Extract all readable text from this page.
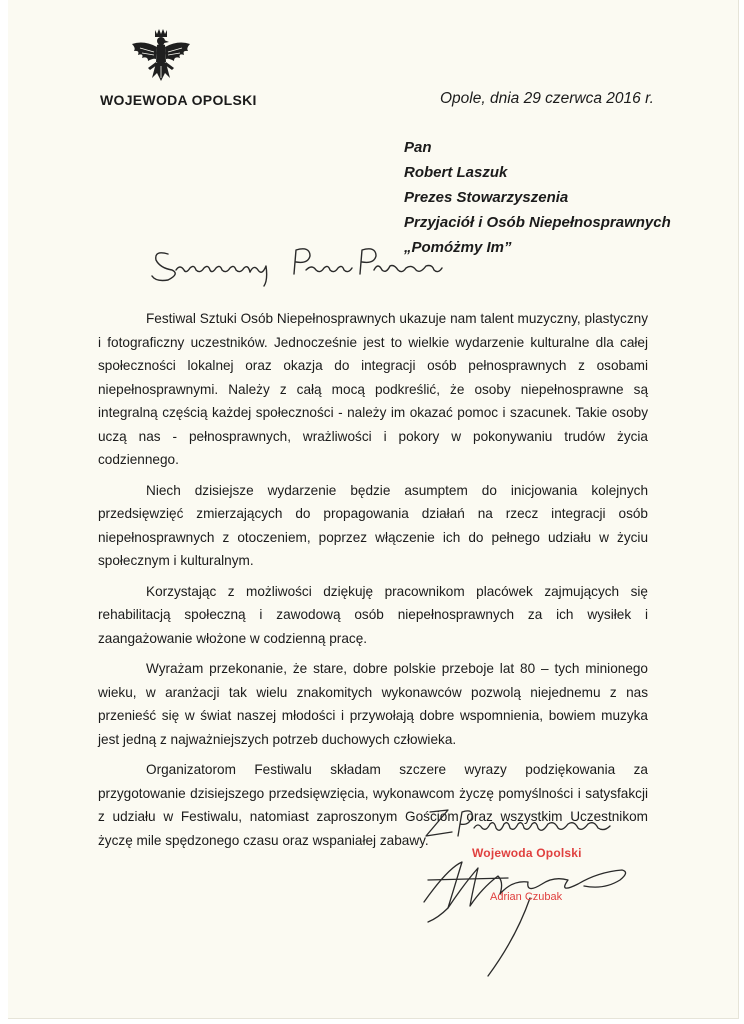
WOJEWODA OPOLSKI	Opole, dnia 29 czerwca 2016 r.
Pan
Robert Laszuk
Prezes Stowarzyszenia
Przyjaciół i Osób Niepełnosprawnych
„Pomóżmy Im”

Festiwal Sztuki Osób Niepełnosprawnych ukazuje nam talent muzyczny, plastyczny i fotograficzny uczestników. Jednocześnie jest to wielkie wydarzenie kulturalne dla całej społeczności lokalnej oraz okazja do integracji osób pełnosprawnych z osobami niepełnosprawnymi. Należy z całą mocą podkreślić, że osoby niepełnosprawne są integralną częścią każdej społeczności - należy im okazać pomoc i szacunek. Takie osoby uczą nas - pełnosprawnych, wrażliwości i pokory w pokonywaniu trudów życia codziennego.

Niech dzisiejsze wydarzenie będzie asumptem do inicjowania kolejnych przedsięwzięć zmierzających do propagowania działań na rzecz integracji osób niepełnosprawnych z otoczeniem, poprzez włączenie ich do pełnego udziału w życiu społecznym i kulturalnym.

Korzystając z możliwości dziękuję pracownikom placówek zajmujących się rehabilitacją społeczną i zawodową osób niepełnosprawnych za ich wysiłek i zaangażowanie włożone w codzienną pracę.

Wyrażam przekonanie, że stare, dobre polskie przeboje lat 80 – tych minionego wieku, w aranżacji tak wielu znakomitych wykonawców pozwolą niejednemu z nas przenieść się w świat naszej młodości i przywołają dobre wspomnienia, bowiem muzyka jest jedną z najważniejszych potrzeb duchowych człowieka.

Organizatorom Festiwalu składam szczere wyrazy podziękowania za przygotowanie dzisiejszego przedsięwzięcia, wykonawcom życzę pomyślności i satysfakcji z udziału w Festiwalu, natomiast zaproszonym Gościom oraz wszystkim Uczestnikom życzę mile spędzonego czasu oraz wspaniałej zabawy.

Wojewoda Opolski
Adrian Czubak
